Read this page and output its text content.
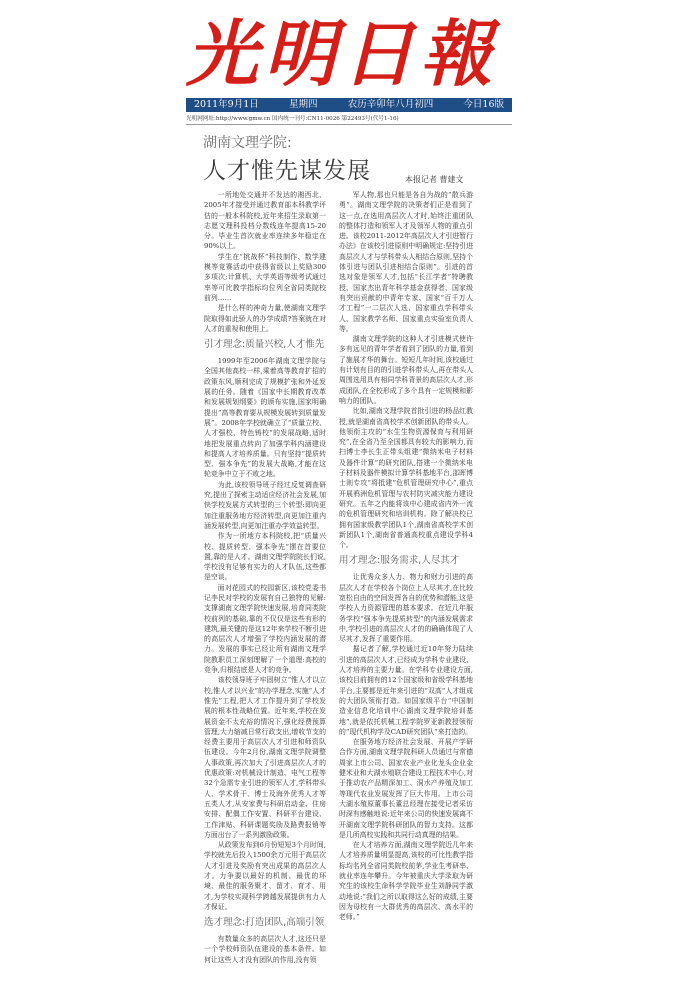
光明日報
2011年9月1日	星期四	农历辛卯年八月初四	今日16版
光明网网址:http://www.gmw.cn 国内统一刊号:CN11-0026 第22493号(代号1-16)
湖南文理学院:
人才惟先谋发展	本报记者 曹建文

一所地处交通并不发达的湘西北、2005年才接受并通过教育部本科教学评估的一般本科院校,近年来招生录取第一志愿文理科投档分数线连年提高15-20分。毕业生首次就业率连续多年稳定在90%以上。

学生在“挑战杯”科技制作、数学建模等竞赛活动中获得省级以上奖励300多项次;计算机、大学英语等级考试通过率等可比教学指标均位列全省同类院校前列……

是什么样的神奇力量,使湖南文理学院取得如此骄人的办学成绩?答案就在对人才的重视和使用上。

引才理念:质量兴校,人才惟先

1999年至2006年湖南文理学院与全国其他高校一样,乘着高等教育扩招的政策东风,顺利完成了规模扩张和外延发展的任务。随着《国家中长期教育改革和发展规划纲要》的颁布实施,国家明确提出“高等教育要从规模发展转到质量发展”。2008年学校就确立了“质量立校、人才强校、特色铸校”的发展战略,适时地把发展重点转向了加强学科内涵建设和提高人才培养质量。只有坚持“提质转型、强本争先”的发展大战略,才能在这轮竞争中立于不败之地。

为此,该校领导班子经过反复调查研究,提出了探索主动适应经济社会发展,加快学校发展方式转型的三个转型:即向更加注重服务地方经济转型,向更加注重内涵发展转型,向更加注重办学效益转型。

作为一所地方本科院校,把“质量兴校、提质转型、强本争先”摆在首要位置,靠的是人才。湖南文理学院院长们说,学校没有足够有实力的人才队伍,这些都是空谈。

面对花园式的校园新区,该校党委书记李民对学校的发展有自己独特的见解:支撑湖南文理学院快速发展,培育同类院校前列的基础,靠的不仅仅是这些有形的建筑,最关键的是这12年来学校不断引进的高层次人才增强了学校内涵发展的潜力。发展的事实已经让所有湖南文理学院教职员工深刻理解了一个道理:高校的竞争,归根结底是人才的竞争。

该校领导班子牢固树立“惟人才以立校,惟人才以兴业”的办学理念,实施“人才惟先”工程,把人才工作提升到了学校发展的根本性战略位置。近年来,学校在发展资金不太充裕的情况下,强化经费预算管理,大力缩减日常行政支出,增收节支的经费主要用于高层次人才引进和师资队伍建设。今年2月份,湖南文理学院调整人事政策,再次加大了引进高层次人才的优惠政策:对机械设计制造、电气工程等32个急需专业引进的领军人才,学科带头人、学术骨干、博士及海外优秀人才等五类人才,从安家费与科研启动金、住房安排、配偶工作安置、科研平台建设、工作津贴、科研课题奖励及路费报销等方面出台了一系列激励政策。

从政策发布到6月份短短3个月时间,学校就先后投入1500余万元用于高层次人才引进及奖励有突出成果的高层次人才。力争要以最好的机制、最优的环境、最佳的服务聚才、留才、育才、用才,为学校实现科学跨越发展提供有力人才保证。

选才理念:打造团队,高端引领

有数量众多的高层次人才,这还只是一个学校师资队伍建设的基本条件。如何让这些人才没有团队的作用,没有领

军人物,那也只能是各自为战的“散兵游勇”。湖南文理学院的决策者们正是看到了这一点,在选用高层次人才时,始终注重团队的整体打造和领军人才及领军人物的重点引进。该校2011-2012年高层次人才引进暂行办法》在该校引进原则中明确规定:坚持引进高层次人才与学科带头人相结合原则,坚持个体引进与团队引进相结合原则”。引进的首选对象是领军人才,包括“长江学者”特聘教授、国家杰出青年科学基金获得者、国家级有突出贡献的中青年专家、国家“百千万人才工程”一二层次人选、国家重点学科带头人、国家教学名师、国家重点实验室负责人等。

湖南文理学院的这种人才引进模式使许多有远见的青年学者看到了团队的力量,看到了施展才华的舞台。短短几年时间,该校通过有计划有目的的引进学科带头人,再在带头人周围选用具有相同学科背景的高层次人才,形成团队,在全校形成了多个具有一定规模和影响力的团队。

比如,湖南文理学院首批引进的杨品红教授,就是湖南省高校学术创新团队的带头人。他领衔主攻的“水生生物资源保育与利用研究”,在全省乃至全国都具有较大的影响力,而扫博士李长生正带头组建“微纳米电子材料及器件计算”的研究团队,搭建一个微纳米电子材料及器件模拟计算学科基地平台,邵晖博士则专攻“将抵建”危机管理研究中心”,重点开展鸦洲危机管理与农村防灾减灾能力建设研究。五年之内能将该中心建成省内外一流的危机管理研究和培训机构。除了解决校已拥有国家级教学团队1个,湖南省高校学术创新团队1个,湖南省普通高校重点建设学科4个。

用才理念:服务需求,人尽其才

让优秀众多人力、物力和财力引进的高层次人才在学校各个岗位上人尽其才,在比较宽松自由的空间发挥各自的优势和潜能,这是学校人力资源管理的基本要求。在近几年服务学校“强本争先提质转型”的内涵发展需求中,学校引进的高层次人才的的确确体现了人尽其才,发挥了重要作用。

据记者了解,学校通过近10年努力陆续引进的高层次人才,已经成为学科专业建设、人才培养的主要力量。在学科专业建设方面,该校目前拥有的12个国家级和省级学科基地平台,主要都是近年来引进的“双高”人才组成的大团队领衔打造。如国家级平台“中国制造业信息化培训中心湖南文理学院培训基地”,就是依托机械工程学院罗亚新教授领衔的“现代机构学及CAD研究团队”来打造的。

在服务地方经济社会发展、开展产学研合作方面,湖南文理学院科研人员通过与常德周家上市公司、国家农业产业化龙头企业金健米业和大湖水殖联合建设工程技术中心,对于推动农产品精深加工、洞水产养殖及加工等现代农业发展发挥了巨大作用。上市公司大湖水殖原董事长董总经理在接受记者采访时深有感触地说:近年来公司的快速发展离不开湖南文理学院科研团队的智力支持。这都是几所高校实践和共同行动真理的结果。

在人才培养方面,湖南文理学院近几年来人才培养质量明显提高,该校的可比性教学指标均名列全省同类院校前茅,学业生考研率、就业率连年攀升。今年被重庆大学录取为研究生的该校生命科学学院毕业生刘静同学激动地说:“我们之所以取得这么好的成绩,主要因为母校有一大群优秀的高层次、高水平的老师。”
